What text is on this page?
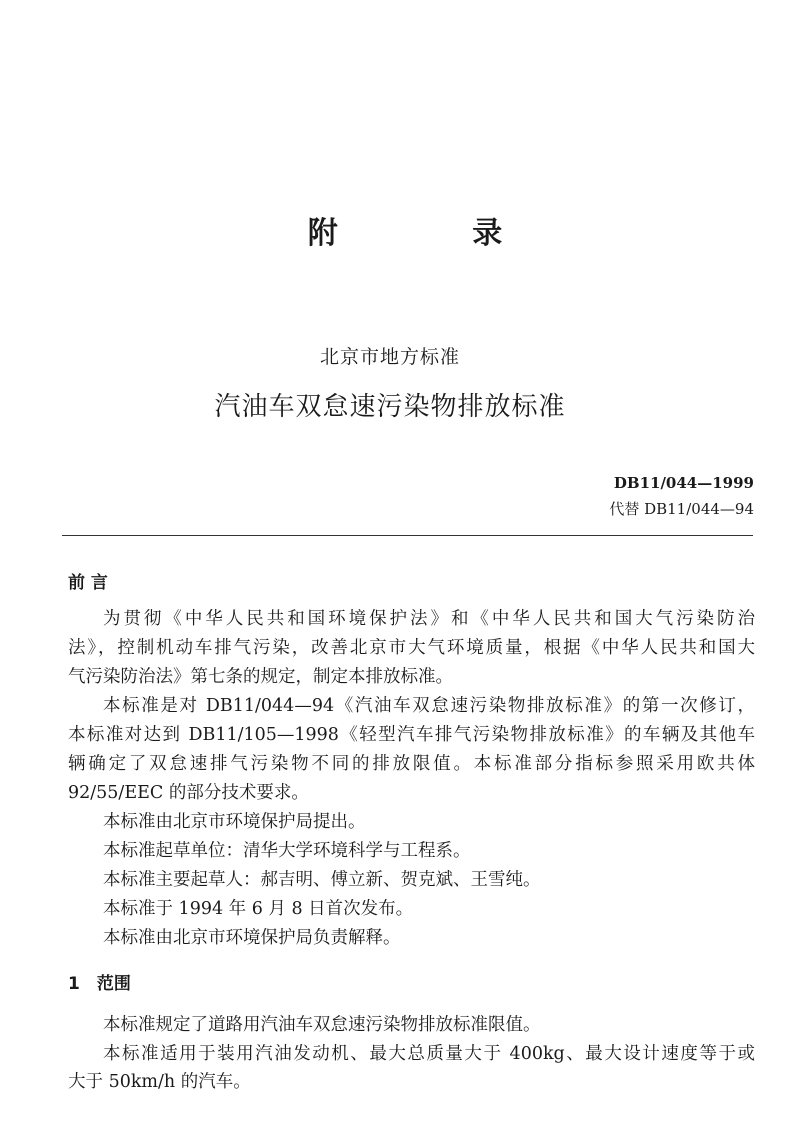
附 录
北京市地方标准
汽油车双怠速污染物排放标准
DB11/044—1999
代替 DB11/044—94
前 言
为贯彻《中华人民共和国环境保护法》和《中华人民共和国大气污染防治
法》，控制机动车排气污染，改善北京市大气环境质量，根据《中华人民共和国大
气污染防治法》第七条的规定，制定本排放标准。
本标准是对 DB11/044—94《汽油车双怠速污染物排放标准》的第一次修订，
本标准对达到 DB11/105—1998《轻型汽车排气污染物排放标准》的车辆及其他车
辆确定了双怠速排气污染物不同的排放限值。本标准部分指标参照采用欧共体
92/55/EEC 的部分技术要求。
本标准由北京市环境保护局提出。
本标准起草单位：清华大学环境科学与工程系。
本标准主要起草人：郝吉明、傅立新、贺克斌、王雪纯。
本标准于 1994 年 6 月 8 日首次发布。
本标准由北京市环境保护局负责解释。
1　范围
本标准规定了道路用汽油车双怠速污染物排放标准限值。
本标准适用于装用汽油发动机、最大总质量大于 400kg、最大设计速度等于或
大于 50km/h 的汽车。
